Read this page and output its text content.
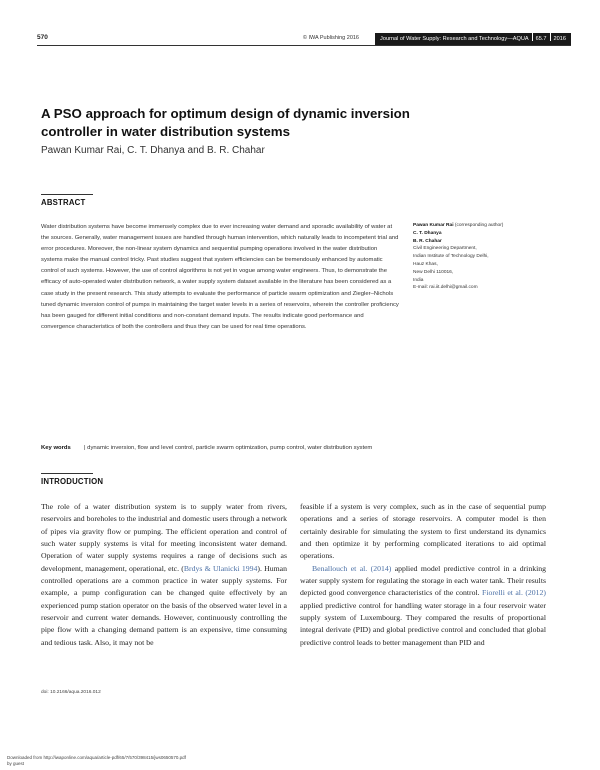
570	© IWA Publishing 2016	Journal of Water Supply: Research and Technology—AQUA 65.7 2016
A PSO approach for optimum design of dynamic inversion controller in water distribution systems
Pawan Kumar Rai, C. T. Dhanya and B. R. Chahar
ABSTRACT

Water distribution systems have become immensely complex due to ever increasing water demand and sporadic availability of water at the sources. Generally, water management issues are handled through human intervention, which naturally leads to incompetent trial and error procedures. Moreover, the non-linear system dynamics and sequential pumping operations involved in the water distribution systems make the manual control tricky. Past studies suggest that system efficiencies can be tremendously enhanced by automatic control of such systems. However, the use of control algorithms is not yet in vogue among water engineers. Thus, to demonstrate the efficacy of auto-operated water distribution network, a water supply system dataset available in the literature has been considered as a case study in the present research. This study attempts to evaluate the performance of particle swarm optimization and Ziegler–Nichols tuned dynamic inversion control of pumps in maintaining the target water levels in a series of reservoirs, wherein the controller proficiency has been gauged for different initial conditions and non-constant demand inputs. The results indicate good performance and convergence characteristics of both the controllers and thus they can be used for real time operations.

Key words | dynamic inversion, flow and level control, particle swarm optimization, pump control, water distribution system
Pawan Kumar Rai (corresponding author)
C. T. Dhanya
B. R. Chahar
Civil Engineering Department,
Indian Institute of Technology Delhi,
Hauz Khas,
New Delhi 110016,
India
E-mail: rai.iit.delhi@gmail.com
INTRODUCTION

The role of a water distribution system is to supply water from rivers, reservoirs and boreholes to the industrial and domestic users through a network of pipes via gravity flow or pumping. The efficient operation and control of such water supply systems is vital for meeting inconsistent water demand. Operation of water supply systems requires a range of decisions such as development, management, operational, etc. (Brdys & Ulanicki 1994). Human controlled operations are a common practice in water supply systems. For example, a pump configuration can be changed quite effectively by an experienced pump station operator on the basis of the observed water level in a reservoir and current water demands. However, continuously controlling the pipe flow with a changing demand pattern is an expensive, time consuming and tedious task. Also, it may not be

feasible if a system is very complex, such as in the case of sequential pump operations and a series of storage reservoirs. A computer model is then certainly desirable for simulating the system to first understand its dynamics and then optimize it by performing complicated iterations to aid optimal operations.

Benallouch et al. (2014) applied model predictive control in a drinking water supply system for regulating the storage in each water tank. Their results depicted good convergence characteristics of the control. Fiorelli et al. (2012) applied predictive control for handling water storage in a four reservoir water supply system of Luxembourg. They compared the results of proportional integral derivate (PID) and global predictive control and concluded that global predictive control leads to better management than PID and

doi: 10.2166/aqua.2016.012
Downloaded from http://iwaponline.com/aqua/article-pdf/65/7/570/398415/jws0650570.pdf
by guest
